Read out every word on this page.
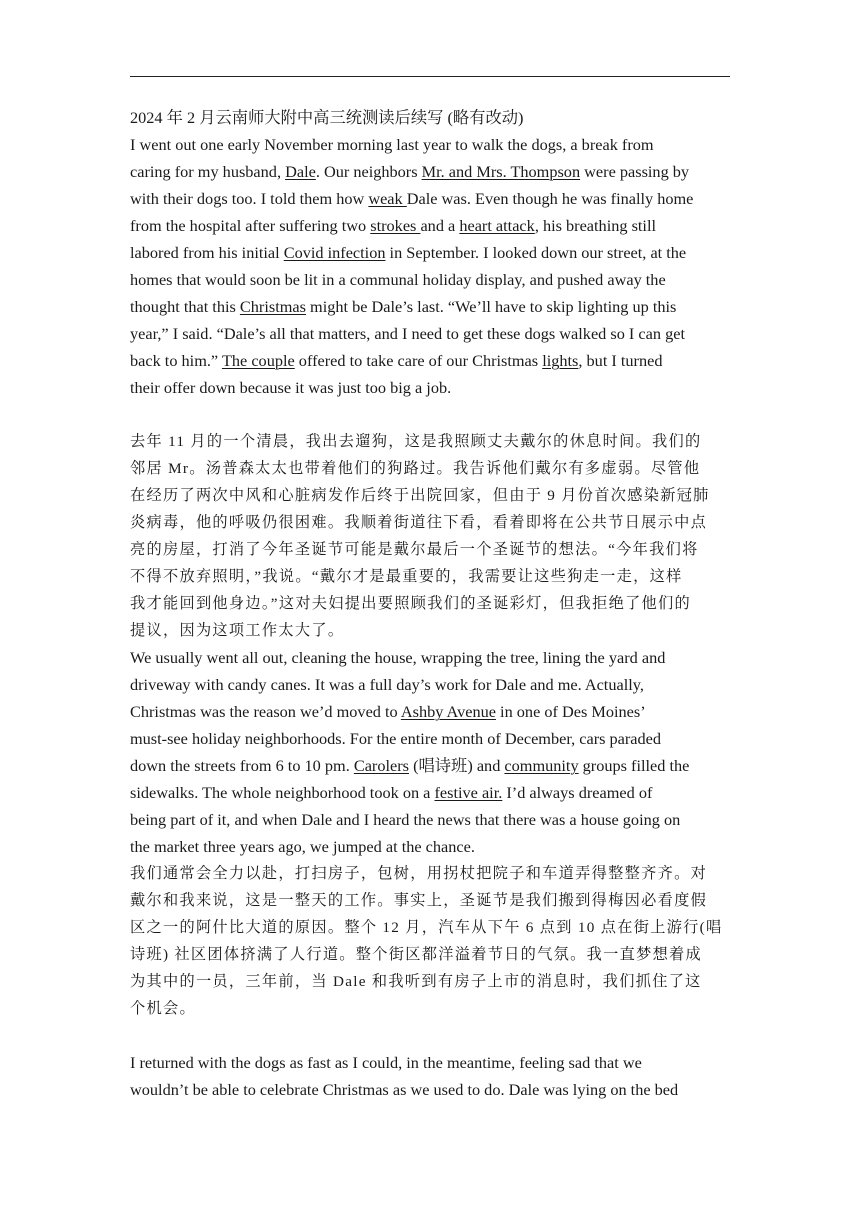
2024 年 2 月云南师大附中高三统测读后续写 (略有改动)
I went out one early November morning last year to walk the dogs, a break from
caring for my husband, Dale. Our neighbors Mr. and Mrs. Thompson were passing by
with their dogs too. I told them how weak Dale was. Even though he was finally home
from the hospital after suffering two strokes and a heart attack, his breathing still
labored from his initial Covid infection in September. I looked down our street, at the
homes that would soon be lit in a communal holiday display, and pushed away the
thought that this Christmas might be Dale’s last. “We’ll have to skip lighting up this
year,” I said. “Dale’s all that matters, and I need to get these dogs walked so I can get
back to him.” The couple offered to take care of our Christmas lights, but I turned
their offer down because it was just too big a job.
去年 11 月的一个清晨，我出去遛狗，这是我照顾丈夫戴尔的休息时间。我们的
邻居 Mr。汤普森太太也带着他们的狗路过。我告诉他们戴尔有多虚弱。尽管他
在经历了两次中风和心脏病发作后终于出院回家，但由于 9 月份首次感染新冠肺
炎病毒，他的呼吸仍很困难。我顺着街道往下看，看着即将在公共节日展示中点
亮的房屋，打消了今年圣诞节可能是戴尔最后一个圣诞节的想法。“今年我们将
不得不放弃照明，”我说。“戴尔才是最重要的，我需要让这些狗走一走，这样
我才能回到他身边。”这对夫妇提出要照顾我们的圣诞彩灯，但我拒绝了他们的
提议，因为这项工作太大了。
We usually went all out, cleaning the house, wrapping the tree, lining the yard and
driveway with candy canes. It was a full day’s work for Dale and me. Actually,
Christmas was the reason we’d moved to Ashby Avenue in one of Des Moines’
must-see holiday neighborhoods. For the entire month of December, cars paraded
down the streets from 6 to 10 pm. Carolers (唱诗班) and community groups filled the
sidewalks. The whole neighborhood took on a festive air. I’d always dreamed of
being part of it, and when Dale and I heard the news that there was a house going on
the market three years ago, we jumped at the chance.
我们通常会全力以赴，打扫房子，包树，用拐杖把院子和车道弄得整整齐齐。对
戴尔和我来说，这是一整天的工作。事实上，圣诞节是我们搬到得梅因必看度假
区之一的阿什比大道的原因。整个 12 月，汽车从下午 6 点到 10 点在街上游行(唱
诗班) 社区团体挤满了人行道。整个街区都洋溢着节日的气氛。我一直梦想着成
为其中的一员，三年前，当 Dale 和我听到有房子上市的消息时，我们抓住了这
个机会。
I returned with the dogs as fast as I could, in the meantime, feeling sad that we
wouldn’t be able to celebrate Christmas as we used to do. Dale was lying on the bed
